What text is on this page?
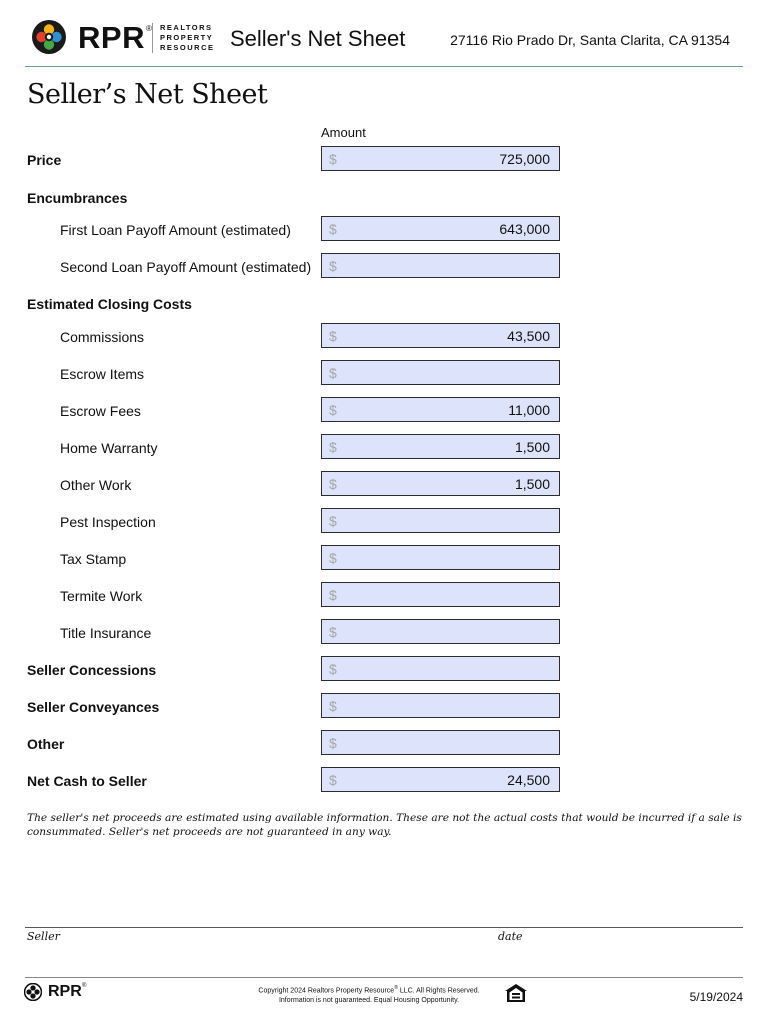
RPR ® REALTORS
PROPERTY
RESOURCE Seller's Net Sheet	27116 Rio Prado Dr, Santa Clarita, CA 91354
Seller’s Net Sheet
Amount
Price	$	725,000
Encumbrances
First Loan Payoff Amount (estimated)	$	643,000
Second Loan Payoff Amount (estimated) $
Estimated Closing Costs
Commissions	$	43,500
Escrow Items	$
Escrow Fees	$	11,000
Home Warranty	$	1,500
Other Work	$	1,500
Pest Inspection	$
Tax Stamp	$
Termite Work	$
Title Insurance	$
Seller Concessions	$
Seller Conveyances	$
Other	$
Net Cash to Seller	$	24,500
The seller's net proceeds are estimated using available information. These are not the actual costs that would be incurred if a sale is consummated. Seller's net proceeds are not guaranteed in any way.
Seller	date
RPR ®
Copyright 2024 Realtors Property Resource® LLC. All Rights Reserved.
Information is not guaranteed. Equal Housing Opportunity.	5/19/2024
